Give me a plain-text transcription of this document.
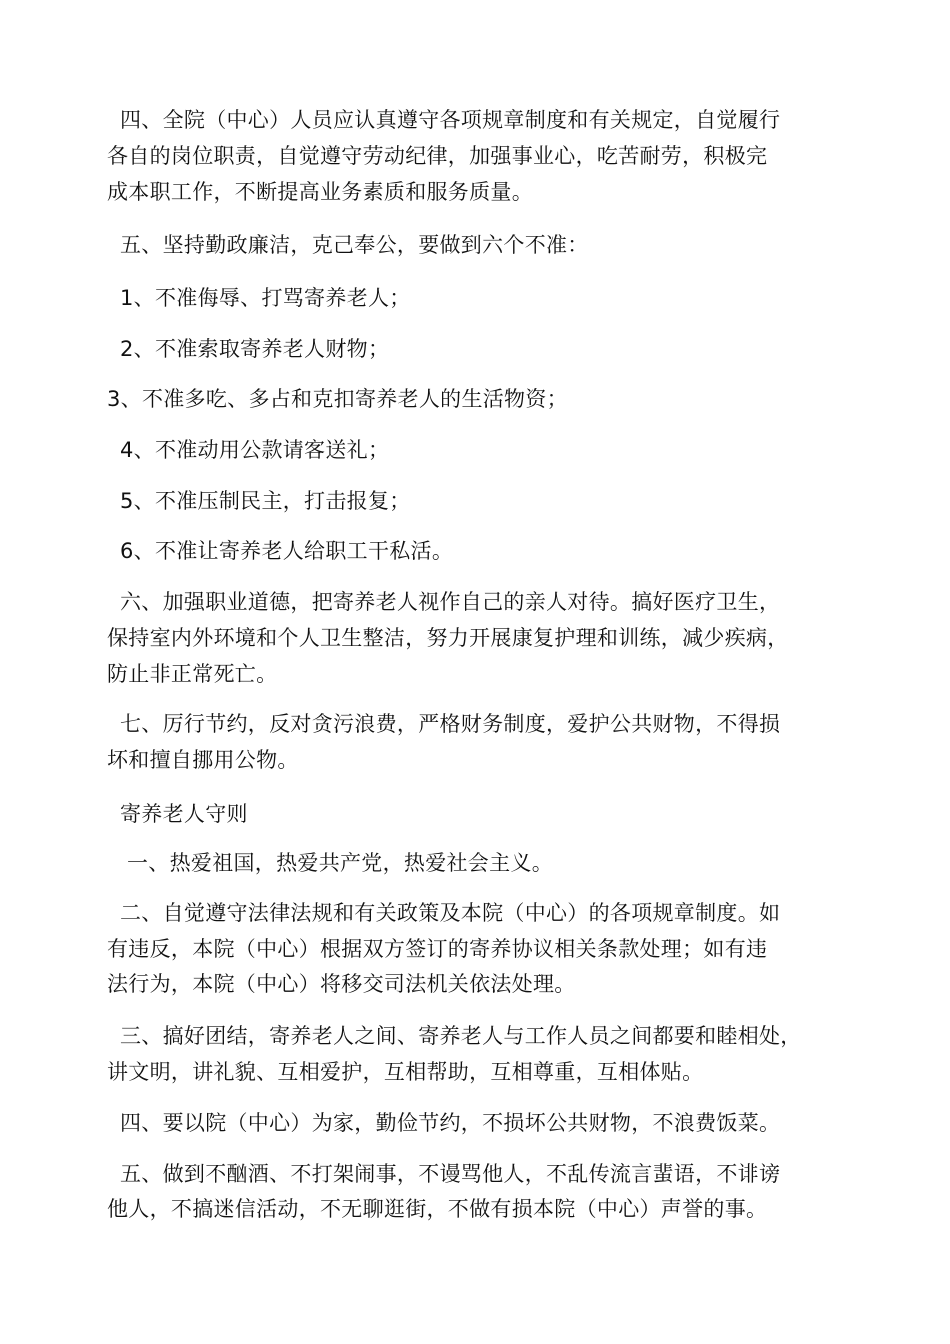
四、全院（中心）人员应认真遵守各项规章制度和有关规定，自觉履行
各自的岗位职责，自觉遵守劳动纪律，加强事业心，吃苦耐劳，积极完
成本职工作，不断提高业务素质和服务质量。
五、坚持勤政廉洁，克己奉公，要做到六个不准：
1、不准侮辱、打骂寄养老人；
2、不准索取寄养老人财物；
3、不准多吃、多占和克扣寄养老人的生活物资；
4、不准动用公款请客送礼；
5、不准压制民主，打击报复；
6、不准让寄养老人给职工干私活。
六、加强职业道德，把寄养老人视作自己的亲人对待。搞好医疗卫生，
保持室内外环境和个人卫生整洁，努力开展康复护理和训练，减少疾病，
防止非正常死亡。
七、厉行节约，反对贪污浪费，严格财务制度，爱护公共财物，不得损
坏和擅自挪用公物。
寄养老人守则
一、热爱祖国，热爱共产党，热爱社会主义。
二、自觉遵守法律法规和有关政策及本院（中心）的各项规章制度。如
有违反，本院（中心）根据双方签订的寄养协议相关条款处理；如有违
法行为，本院（中心）将移交司法机关依法处理。
三、搞好团结，寄养老人之间、寄养老人与工作人员之间都要和睦相处，
讲文明，讲礼貌、互相爱护，互相帮助，互相尊重，互相体贴。
四、要以院（中心）为家，勤俭节约，不损坏公共财物，不浪费饭菜。
五、做到不酗酒、不打架闹事，不谩骂他人，不乱传流言蜚语，不诽谤
他人，不搞迷信活动，不无聊逛街，不做有损本院（中心）声誉的事。
